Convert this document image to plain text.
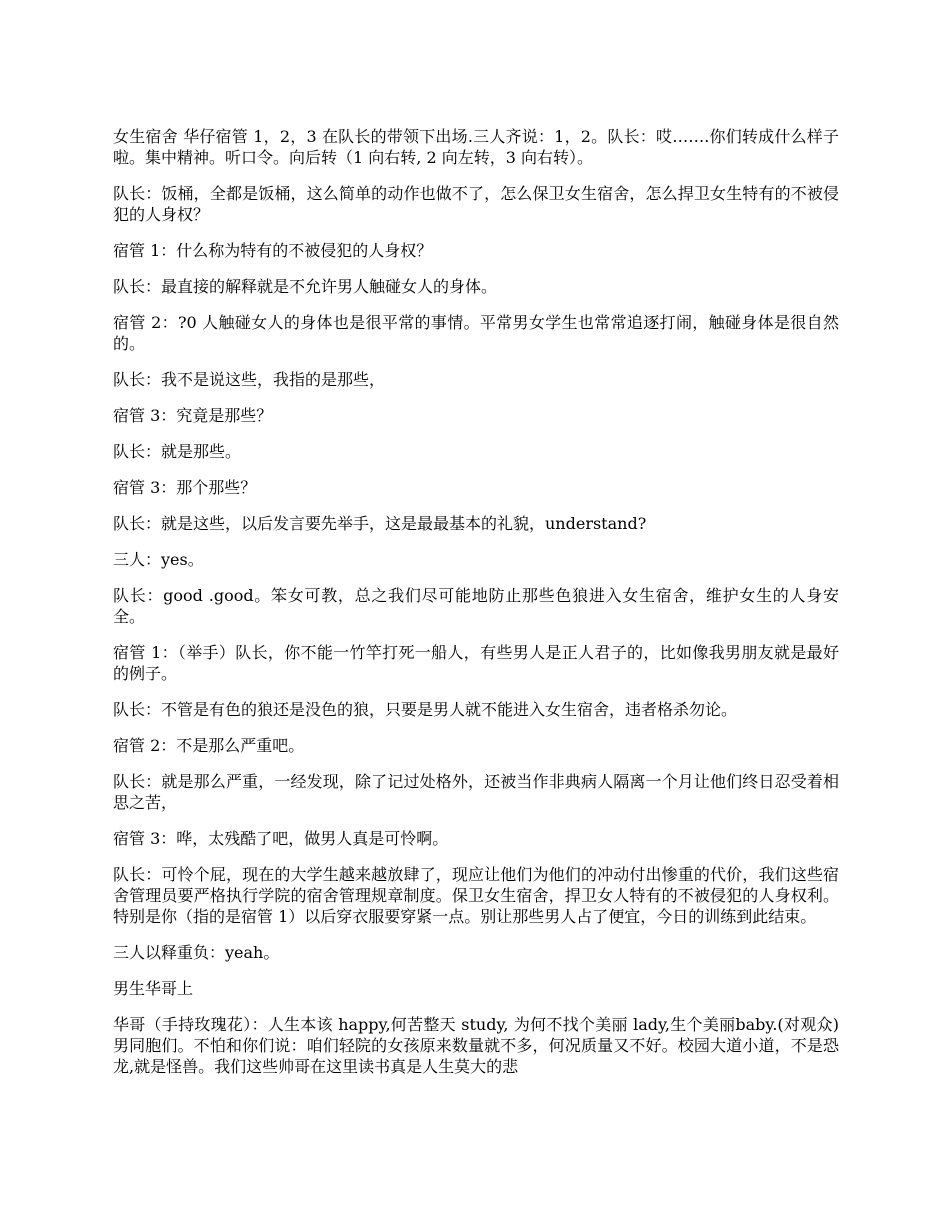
女生宿舍 华仔宿管 1，2，3 在队长的带领下出场.三人齐说：1，2。队长：哎…….你们转成什么样子啦。集中精神。听口令。向后转（1 向右转, 2 向左转，3 向右转）。

队长：饭桶，全都是饭桶，这么简单的动作也做不了，怎么保卫女生宿舍，怎么捍卫女生特有的不被侵犯的人身权？

宿管 1：什么称为特有的不被侵犯的人身权？

队长：最直接的解释就是不允许男人触碰女人的身体。

宿管 2：?0 人触碰女人的身体也是很平常的事情。平常男女学生也常常追逐打闹，触碰身体是很自然的。

队长：我不是说这些，我指的是那些，

宿管 3：究竟是那些？

队长：就是那些。

宿管 3：那个那些？

队长：就是这些，以后发言要先举手，这是最最基本的礼貌，understand?

三人：yes。

队长：good .good。笨女可教，总之我们尽可能地防止那些色狼进入女生宿舍，维护女生的人身安全。

宿管 1：（举手）队长，你不能一竹竿打死一船人，有些男人是正人君子的，比如像我男朋友就是最好的例子。

队长：不管是有色的狼还是没色的狼，只要是男人就不能进入女生宿舍，违者格杀勿论。

宿管 2：不是那么严重吧。

队长：就是那么严重，一经发现，除了记过处格外，还被当作非典病人隔离一个月让他们终日忍受着相思之苦，

宿管 3：哗，太残酷了吧，做男人真是可怜啊。

队长：可怜个屁，现在的大学生越来越放肆了，现应让他们为他们的冲动付出惨重的代价，我们这些宿舍管理员要严格执行学院的宿舍管理规章制度。保卫女生宿舍，捍卫女人特有的不被侵犯的人身权利。特别是你（指的是宿管 1）以后穿衣服要穿紧一点。别让那些男人占了便宜，今日的训练到此结束。

三人以释重负：yeah。

男生华哥上

华哥（手持玫瑰花）：人生本该 happy,何苦整天 study, 为何不找个美丽 lady,生个美丽baby.(对观众)男同胞们。不怕和你们说：咱们轻院的女孩原来数量就不多，何况质量又不好。校园大道小道，不是恐龙,就是怪兽。我们这些帅哥在这里读书真是人生莫大的悲
